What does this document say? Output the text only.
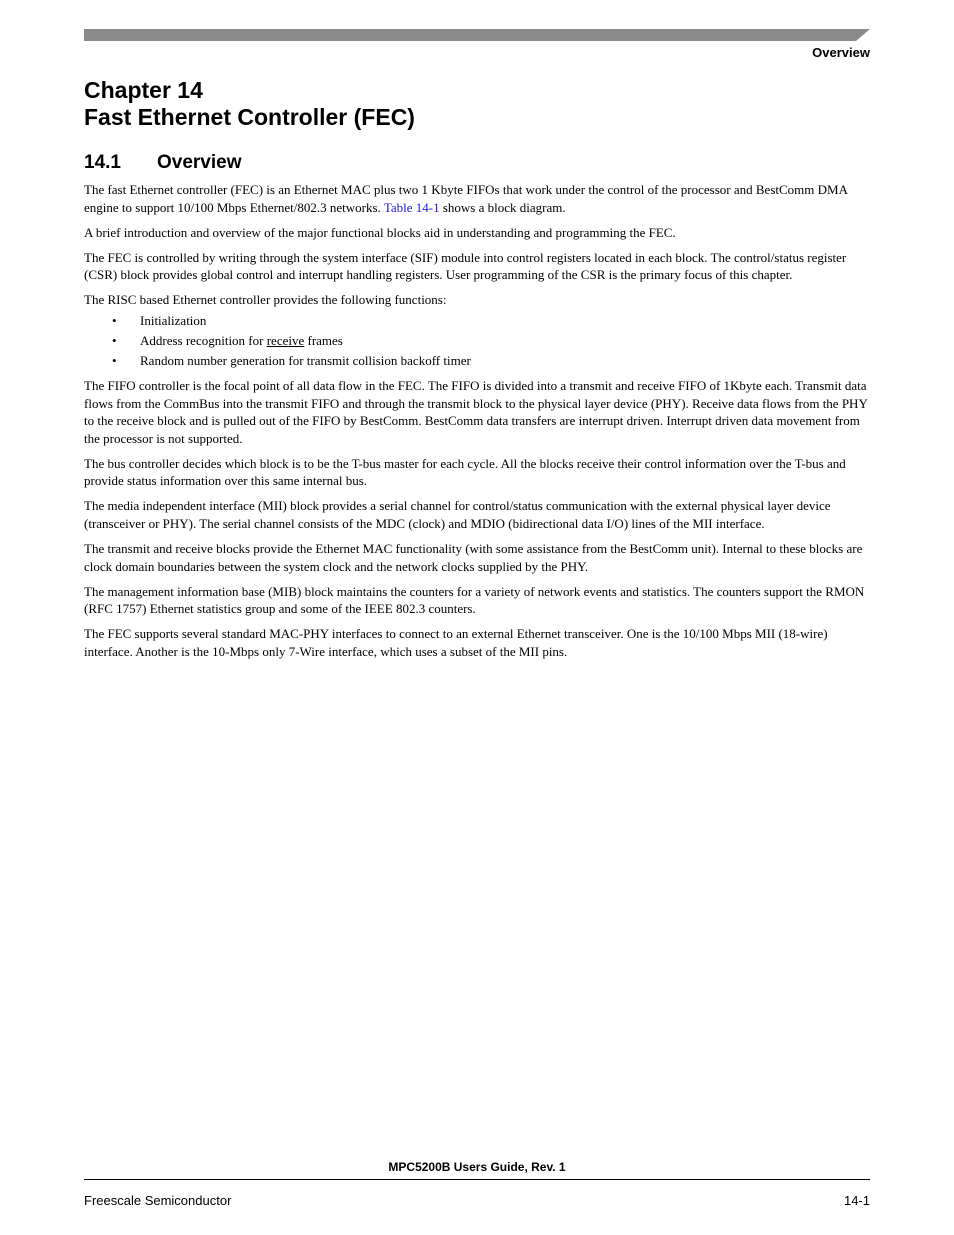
Overview
Chapter 14
Fast Ethernet Controller (FEC)
14.1 Overview

The fast Ethernet controller (FEC) is an Ethernet MAC plus two 1 Kbyte FIFOs that work under the control of the processor and BestComm DMA engine to support 10/100 Mbps Ethernet/802.3 networks. Table 14-1 shows a block diagram.

A brief introduction and overview of the major functional blocks aid in understanding and programming the FEC.

The FEC is controlled by writing through the system interface (SIF) module into control registers located in each block. The control/status register (CSR) block provides global control and interrupt handling registers. User programming of the CSR is the primary focus of this chapter.

The RISC based Ethernet controller provides the following functions:

• Initialization
• Address recognition for receive frames
• Random number generation for transmit collision backoff timer

The FIFO controller is the focal point of all data flow in the FEC. The FIFO is divided into a transmit and receive FIFO of 1Kbyte each. Transmit data flows from the CommBus into the transmit FIFO and through the transmit block to the physical layer device (PHY). Receive data flows from the PHY to the receive block and is pulled out of the FIFO by BestComm. BestComm data transfers are interrupt driven. Interrupt driven data movement from the processor is not supported.

The bus controller decides which block is to be the T-bus master for each cycle. All the blocks receive their control information over the T-bus and provide status information over this same internal bus.

The media independent interface (MII) block provides a serial channel for control/status communication with the external physical layer device (transceiver or PHY). The serial channel consists of the MDC (clock) and MDIO (bidirectional data I/O) lines of the MII interface.

The transmit and receive blocks provide the Ethernet MAC functionality (with some assistance from the BestComm unit). Internal to these blocks are clock domain boundaries between the system clock and the network clocks supplied by the PHY.

The management information base (MIB) block maintains the counters for a variety of network events and statistics. The counters support the RMON (RFC 1757) Ethernet statistics group and some of the IEEE 802.3 counters.

The FEC supports several standard MAC-PHY interfaces to connect to an external Ethernet transceiver. One is the 10/100 Mbps MII (18-wire) interface. Another is the 10-Mbps only 7-Wire interface, which uses a subset of the MII pins.

MPC5200B Users Guide, Rev. 1
Freescale Semiconductor	14-1
